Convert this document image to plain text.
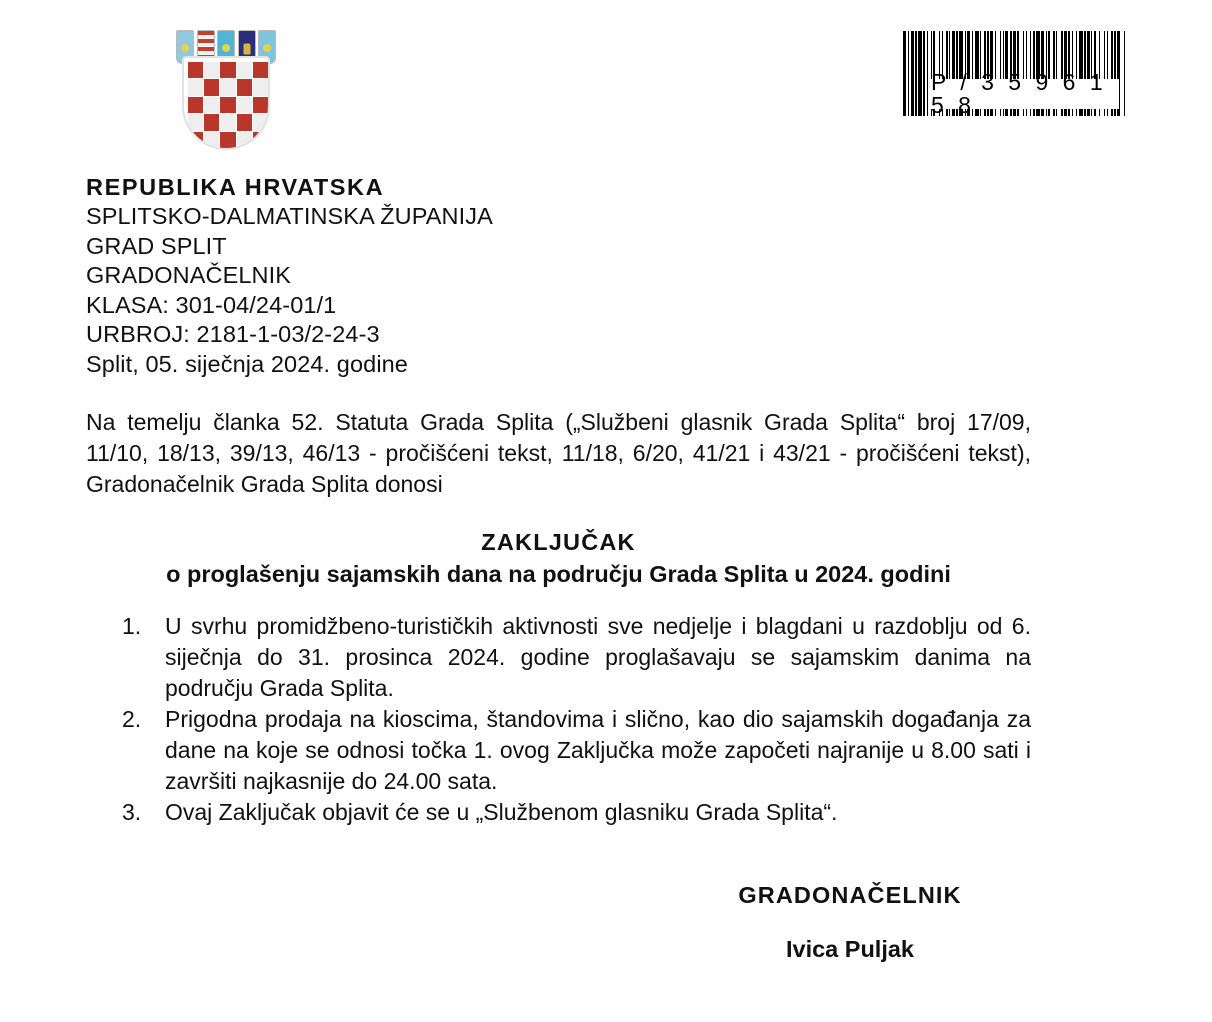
P / 3 5 9 6 1 5 8
REPUBLIKA HRVATSKA
SPLITSKO-DALMATINSKA ŽUPANIJA
GRAD SPLIT
GRADONAČELNIK
KLASA: 301-04/24-01/1
URBROJ: 2181-1-03/2-24-3
Split, 05. siječnja 2024. godine
Na temelju članka 52. Statuta Grada Splita („Službeni glasnik Grada Splita“ broj 17/09, 11/10, 18/13, 39/13, 46/13 - pročišćeni tekst, 11/18, 6/20, 41/21 i 43/21 - pročišćeni tekst), Gradonačelnik Grada Splita donosi
ZAKLJUČAK
o proglašenju sajamskih dana na području Grada Splita u 2024. godini
1.	U svrhu promidžbeno-turističkih aktivnosti sve nedjelje i blagdani u razdoblju od 6. siječnja do 31. prosinca 2024. godine proglašavaju se sajamskim danima na području Grada Splita.
2.	Prigodna prodaja na kioscima, štandovima i slično, kao dio sajamskih događanja za dane na koje se odnosi točka 1. ovog Zaključka može započeti najranije u 8.00 sati i završiti najkasnije do 24.00 sata.
3.	Ovaj Zaključak objavit će se u „Službenom glasniku Grada Splita“.
GRADONAČELNIK
Ivica Puljak
